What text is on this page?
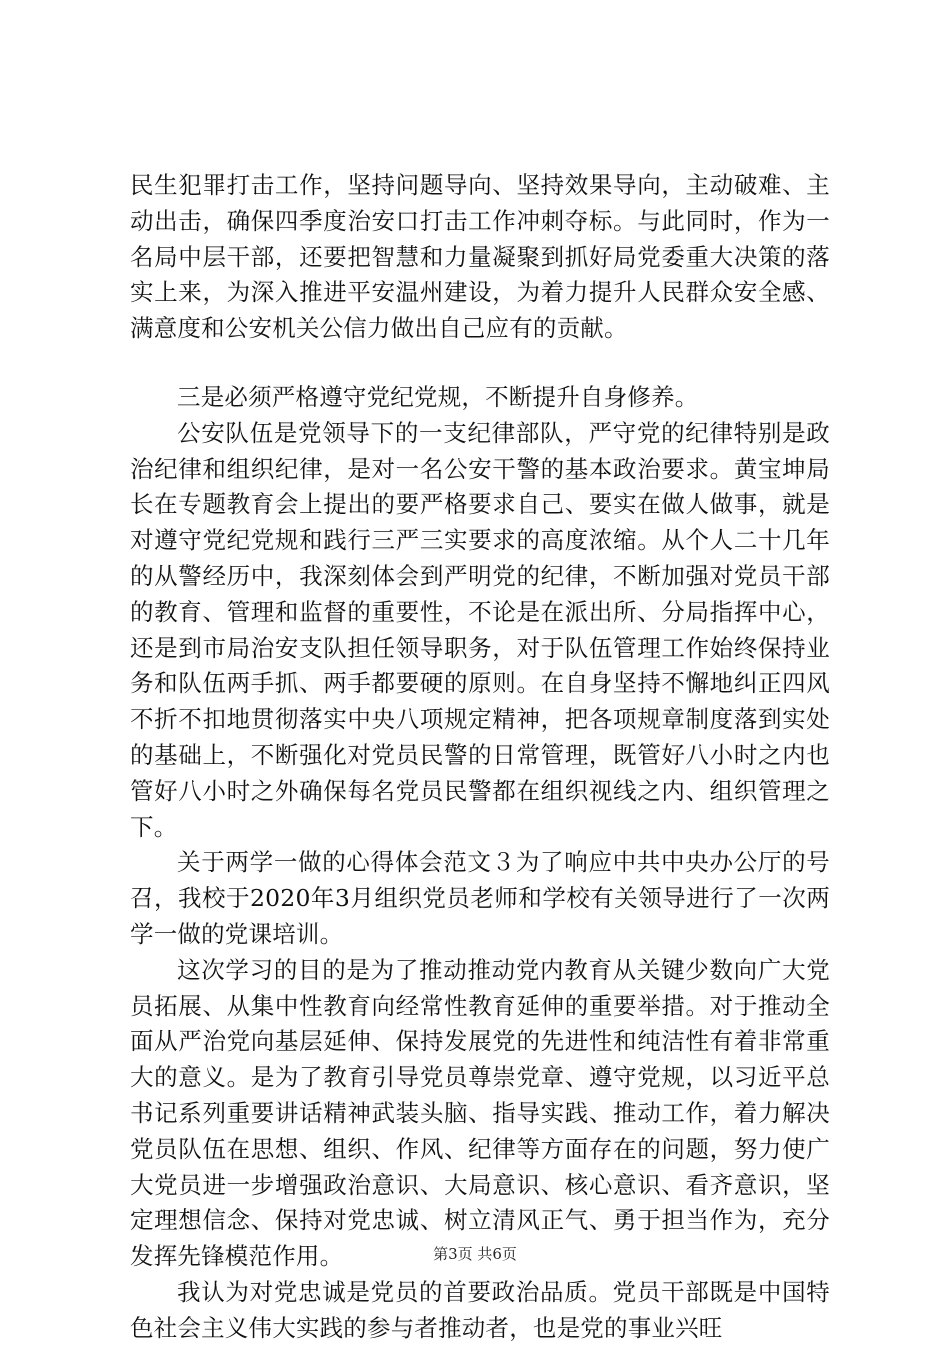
民生犯罪打击工作，坚持问题导向、坚持效果导向，主动破难、主动出击，确保四季度治安口打击工作冲刺夺标。与此同时，作为一名局中层干部，还要把智慧和力量凝聚到抓好局党委重大决策的落实上来，为深入推进平安温州建设，为着力提升人民群众安全感、满意度和公安机关公信力做出自己应有的贡献。

三是必须严格遵守党纪党规，不断提升自身修养。

公安队伍是党领导下的一支纪律部队，严守党的纪律特别是政治纪律和组织纪律，是对一名公安干警的基本政治要求。黄宝坤局长在专题教育会上提出的要严格要求自己、要实在做人做事，就是对遵守党纪党规和践行三严三实要求的高度浓缩。从个人二十几年的从警经历中，我深刻体会到严明党的纪律，不断加强对党员干部的教育、管理和监督的重要性，不论是在派出所、分局指挥中心，还是到市局治安支队担任领导职务，对于队伍管理工作始终保持业务和队伍两手抓、两手都要硬的原则。在自身坚持不懈地纠正四风不折不扣地贯彻落实中央八项规定精神，把各项规章制度落到实处的基础上，不断强化对党员民警的日常管理，既管好八小时之内也管好八小时之外确保每名党员民警都在组织视线之内、组织管理之下。

关于两学一做的心得体会范文３为了响应中共中央办公厅的号召，我校于2020年3月组织党员老师和学校有关领导进行了一次两学一做的党课培训。

这次学习的目的是为了推动推动党内教育从关键少数向广大党员拓展、从集中性教育向经常性教育延伸的重要举措。对于推动全面从严治党向基层延伸、保持发展党的先进性和纯洁性有着非常重大的意义。是为了教育引导党员尊崇党章、遵守党规，以习近平总书记系列重要讲话精神武装头脑、指导实践、推动工作，着力解决党员队伍在思想、组织、作风、纪律等方面存在的问题，努力使广大党员进一步增强政治意识、大局意识、核心意识、看齐意识，坚定理想信念、保持对党忠诚、树立清风正气、勇于担当作为，充分发挥先锋模范作用。

我认为对党忠诚是党员的首要政治品质。党员干部既是中国特色社会主义伟大实践的参与者推动者，也是党的事业兴旺

第3页 共6页
